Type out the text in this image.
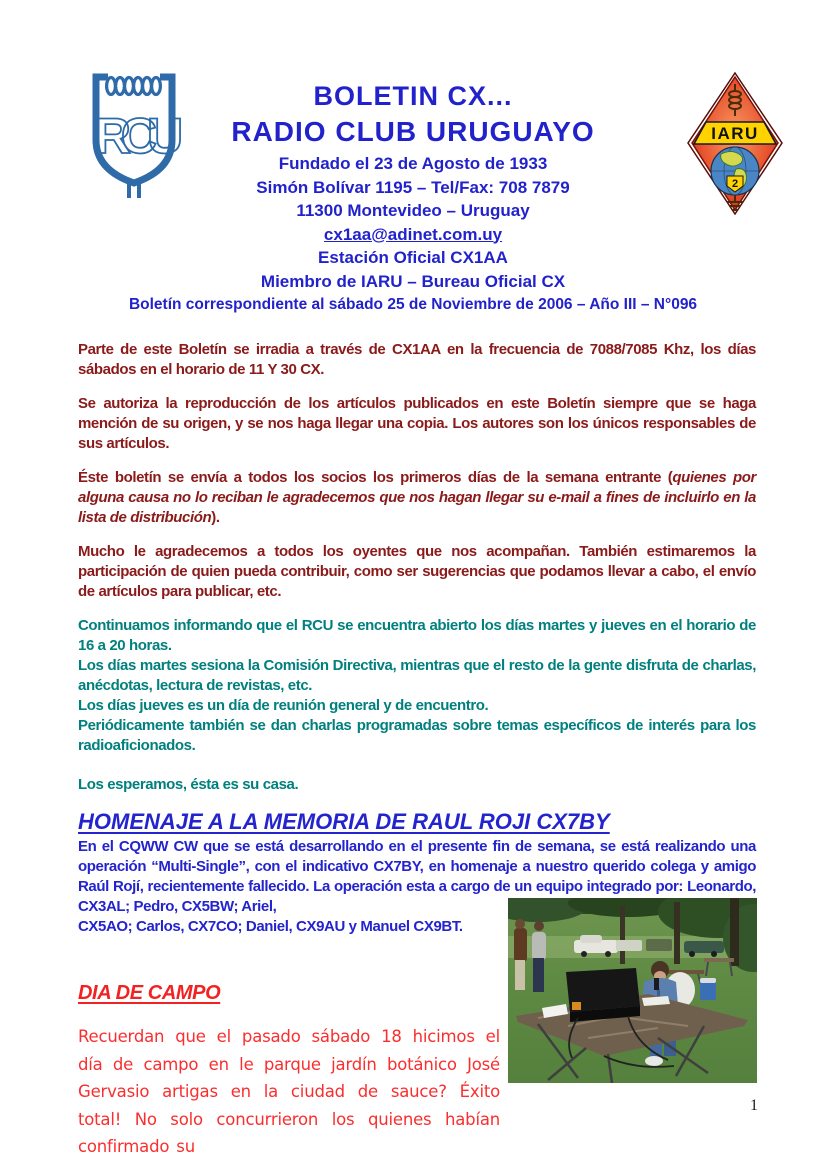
RCU	IARU
2
BOLETIN CX...
RADIO CLUB URUGUAYO
Fundado el 23 de Agosto de 1933
Simón Bolívar 1195 – Tel/Fax: 708 7879
11300 Montevideo – Uruguay
cx1aa@adinet.com.uy
Estación Oficial CX1AA
Miembro de IARU – Bureau Oficial CX
Boletín correspondiente al sábado 25 de Noviembre de 2006 – Año III – N°096

Parte de este Boletín se irradia a través de CX1AA en la frecuencia de 7088/7085 Khz, los días sábados en el horario de 11 Y 30 CX.

Se autoriza la reproducción de los artículos publicados en este Boletín siempre que se haga mención de su origen, y se nos haga llegar una copia. Los autores son los únicos responsables de sus artículos.

Éste boletín se envía a todos los socios los primeros días de la semana entrante (quienes por alguna causa no lo reciban le agradecemos que nos hagan llegar su e-mail a fines de incluirlo en la lista de distribución).

Mucho le agradecemos a todos los oyentes que nos acompañan. También estimaremos la participación de quien pueda contribuir, como ser sugerencias que podamos llevar a cabo, el envío de artículos para publicar, etc.

Continuamos informando que el RCU se encuentra abierto los días martes y jueves en el horario de 16 a 20 horas.

Los días martes sesiona la Comisión Directiva, mientras que el resto de la gente disfruta de charlas, anécdotas, lectura de revistas, etc.

Los días jueves es un día de reunión general y de encuentro.

Periódicamente también se dan charlas programadas sobre temas específicos de interés para los radioaficionados.

Los esperamos, ésta es su casa.

HOMENAJE A LA MEMORIA DE RAUL ROJI CX7BY

En el CQWW CW que se está desarrollando en el presente fin de semana, se está realizando una operación “Multi-Single”, con el indicativo CX7BY, en homenaje a nuestro querido colega y amigo Raúl Rojí, recientemente fallecido. La operación esta a cargo de un equipo integrado por: Leonardo, CX3AL; Pedro, CX5BW; Ariel,

CX5AO; Carlos, CX7CO; Daniel, CX9AU y Manuel CX9BT.

DIA DE CAMPO

Recuerdan que el pasado sábado 18 hicimos el día de campo en le parque jardín botánico José Gervasio artigas en la ciudad de sauce? Éxito total! No solo concurrieron los quienes habían confirmado su

1
